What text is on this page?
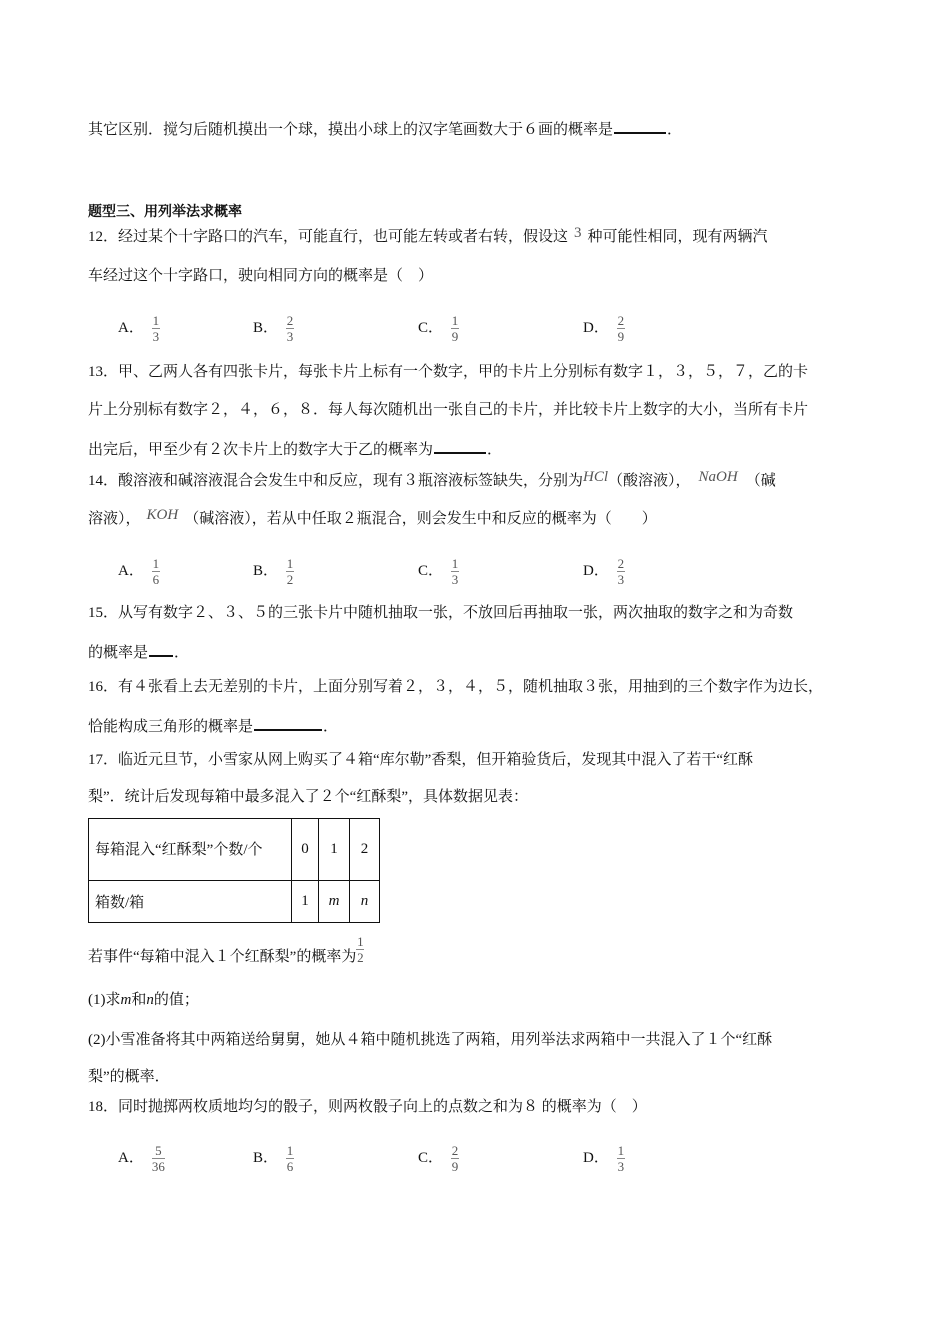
其它区别．搅匀后随机摸出一个球，摸出小球上的汉字笔画数大于６画的概率是	．
题型三、用列举法求概率
12．经过某个十字路口的汽车，可能直行，也可能左转或者右转，假设这 3 种可能性相同，现有两辆汽
车经过这个十字路口，驶向相同方向的概率是（　）
A． $\frac{1}{3}$	B． $\frac{2}{3}$	C． $\frac{1}{9}$	D． $\frac{2}{9}$
13．甲、乙两人各有四张卡片，每张卡片上标有一个数字，甲的卡片上分别标有数字１，３，５，７，乙的卡
片上分别标有数字２，４，６，８．每人每次随机出一张自己的卡片，并比较卡片上数字的大小，当所有卡片
出完后，甲至少有２次卡片上的数字大于乙的概率为	．
14．酸溶液和碱溶液混合会发生中和反应，现有３瓶溶液标签缺失，分别为HCl（酸溶液）， NaOH （碱
溶液）， KOH （碱溶液），若从中任取２瓶混合，则会发生中和反应的概率为（　　）
A． $\frac{1}{6}$	B． $\frac{1}{2}$	C． $\frac{1}{3}$	D． $\frac{2}{3}$
15．从写有数字２、３、５的三张卡片中随机抽取一张，不放回后再抽取一张，两次抽取的数字之和为奇数
的概率是 ．
16．有４张看上去无差别的卡片，上面分别写着２，３，４，５，随机抽取３张，用抽到的三个数字作为边长，
恰能构成三角形的概率是	．
17．临近元旦节，小雪家从网上购买了４箱“库尔勒”香梨，但开箱验货后，发现其中混入了若干“红酥
梨”．统计后发现每箱中最多混入了２个“红酥梨”，具体数据见表：
每箱混入“红酥梨”个数/个	0	1	2
箱数/箱	1	m	n
若事件“每箱中混入１个红酥梨”的概率为 $\frac{1}{2}$
(1)求m和n的值；
(2)小雪准备将其中两箱送给舅舅，她从４箱中随机挑选了两箱，用列举法求两箱中一共混入了１个“红酥
梨”的概率．
18．同时抛掷两枚质地均匀的骰子，则两枚骰子向上的点数之和为８ 的概率为（　）
A． $\frac{5}{36}$	B． $\frac{1}{6}$	C． $\frac{2}{9}$	D． $\frac{1}{3}$
